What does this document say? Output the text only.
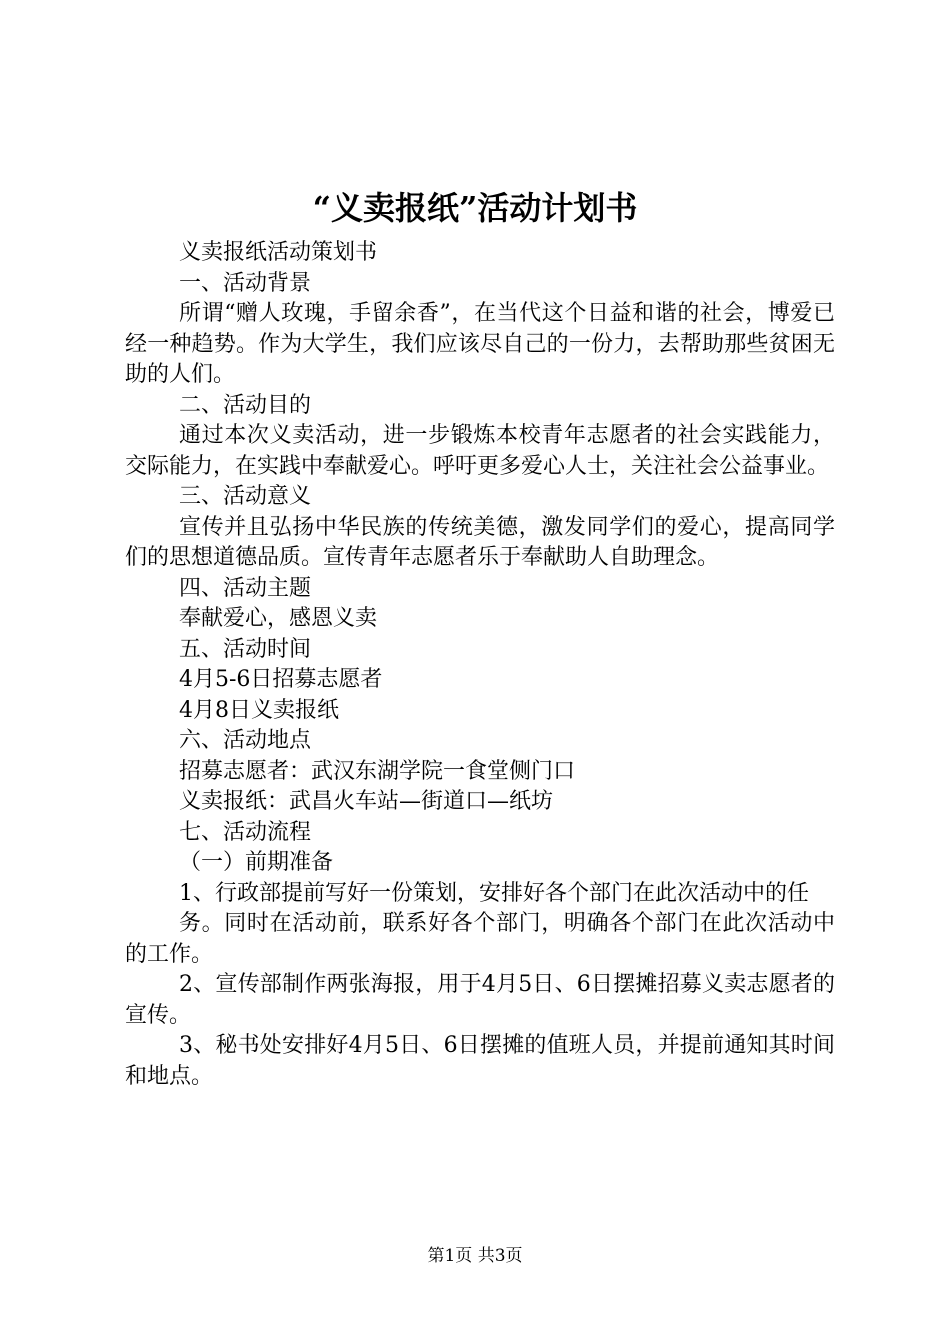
“义卖报纸”活动计划书

义卖报纸活动策划书

一、活动背景

所谓“赠人玫瑰，手留余香”，在当代这个日益和谐的社会，博爱已经一种趋势。作为大学生，我们应该尽自己的一份力，去帮助那些贫困无助的人们。

二、活动目的

通过本次义卖活动，进一步锻炼本校青年志愿者的社会实践能力，交际能力，在实践中奉献爱心。呼吁更多爱心人士，关注社会公益事业。

三、活动意义

宣传并且弘扬中华民族的传统美德，激发同学们的爱心，提高同学们的思想道德品质。宣传青年志愿者乐于奉献助人自助理念。

四、活动主题

奉献爱心，感恩义卖

五、活动时间

4月5-6日招募志愿者

4月8日义卖报纸

六、活动地点

招募志愿者：武汉东湖学院一食堂侧门口

义卖报纸：武昌火车站—街道口—纸坊

七、活动流程

（一）前期准备

1、行政部提前写好一份策划，安排好各个部门在此次活动中的任

务。同时在活动前，联系好各个部门，明确各个部门在此次活动中的工作。

2、宣传部制作两张海报，用于4月5日、6日摆摊招募义卖志愿者的宣传。

3、秘书处安排好4月5日、6日摆摊的值班人员，并提前通知其时间和地点。

第1页 共3页
